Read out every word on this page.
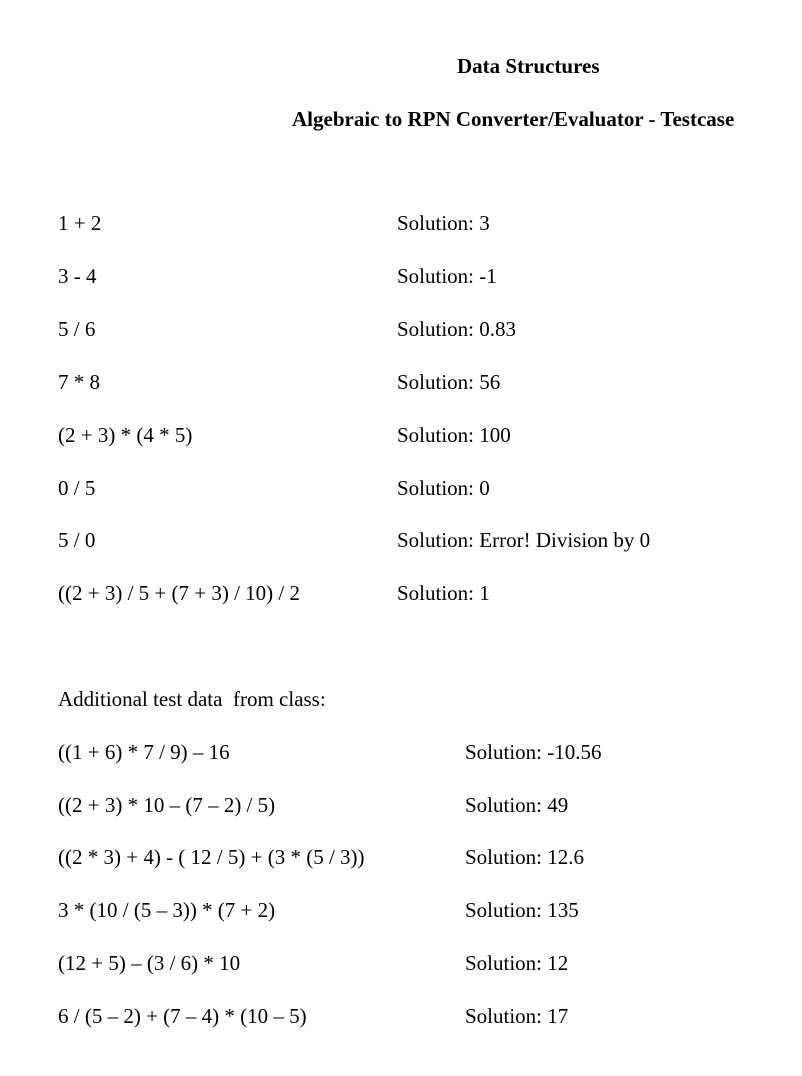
Data Structures
Algebraic to RPN Converter/Evaluator - Testcase
1 + 2	Solution: 3
3 - 4	Solution: -1
5 / 6	Solution: 0.83
7 * 8	Solution: 56
(2 + 3) * (4 * 5)	Solution: 100
0 / 5	Solution: 0
5 / 0	Solution: Error! Division by 0
((2 + 3) / 5 + (7 + 3) / 10) / 2	Solution: 1
Additional test data  from class:
((1 + 6) * 7 / 9) – 16	Solution: -10.56
((2 + 3) * 10 – (7 – 2) / 5)	Solution: 49
((2 * 3) + 4) - ( 12 / 5) + (3 * (5 / 3))	Solution: 12.6
3 * (10 / (5 – 3)) * (7 + 2)	Solution: 135
(12 + 5) – (3 / 6) * 10	Solution: 12
6 / (5 – 2) + (7 – 4) * (10 – 5)	Solution: 17
